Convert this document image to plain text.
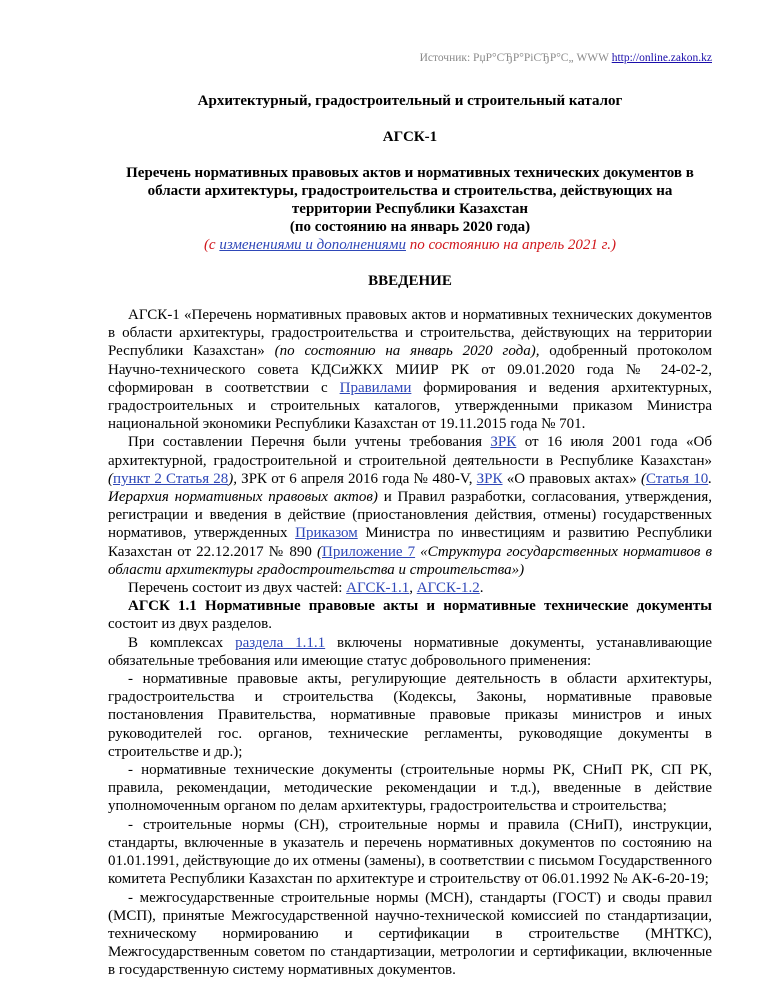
Источник: РџР°СЂР°РіСЂР°С„ WWW http://online.zakon.kz
Архитектурный, градостроительный и строительный каталог
АГСК-1
Перечень нормативных правовых актов и нормативных технических документов в области архитектуры, градостроительства и строительства, действующих на территории Республики Казахстан
(по состоянию на январь 2020 года)
(с изменениями и дополнениями по состоянию на апрель 2021 г.)
ВВЕДЕНИЕ

АГСК-1 «Перечень нормативных правовых актов и нормативных технических документов в области архитектуры, градостроительства и строительства, действующих на территории Республики Казахстан» (по состоянию на январь 2020 года), одобренный протоколом Научно-технического совета КДСиЖКХ МИИР РК от 09.01.2020 года № 24-02-2, сформирован в соответствии с Правилами формирования и ведения архитектурных, градостроительных и строительных каталогов, утвержденными приказом Министра национальной экономики Республики Казахстан от 19.11.2015 года № 701.

При составлении Перечня были учтены требования ЗРК от 16 июля 2001 года «Об архитектурной, градостроительной и строительной деятельности в Республике Казахстан» (пункт 2 Статья 28), ЗРК от 6 апреля 2016 года № 480-V, ЗРК «О правовых актах» (Статья 10. Иерархия нормативных правовых актов) и Правил разработки, согласования, утверждения, регистрации и введения в действие (приостановления действия, отмены) государственных нормативов, утвержденных Приказом Министра по инвестициям и развитию Республики Казахстан от 22.12.2017 № 890 (Приложение 7 «Структура государственных нормативов в области архитектуры градостроительства и строительства»)

Перечень состоит из двух частей: АГСК-1.1, АГСК-1.2.

АГСК 1.1 Нормативные правовые акты и нормативные технические документы состоит из двух разделов.

В комплексах раздела 1.1.1 включены нормативные документы, устанавливающие обязательные требования или имеющие статус добровольного применения:

- нормативные правовые акты, регулирующие деятельность в области архитектуры, градостроительства и строительства (Кодексы, Законы, нормативные правовые постановления Правительства, нормативные правовые приказы министров и иных руководителей гос. органов, технические регламенты, руководящие документы в строительстве и др.);

- нормативные технические документы (строительные нормы РК, СНиП РК, СП РК, правила, рекомендации, методические рекомендации и т.д.), введенные в действие уполномоченным органом по делам архитектуры, градостроительства и строительства;

- строительные нормы (СН), строительные нормы и правила (СНиП), инструкции, стандарты, включенные в указатель и перечень нормативных документов по состоянию на 01.01.1991, действующие до их отмены (замены), в соответствии с письмом Государственного комитета Республики Казахстан по архитектуре и строительству от 06.01.1992 № АК-6-20-19;

- межгосударственные строительные нормы (МСН), стандарты (ГОСТ) и своды правил (МСП), принятые Межгосударственной научно-технической комиссией по стандартизации, техническому нормированию и сертификации в строительстве (МНТКС), Межгосударственным советом по стандартизации, метрологии и сертификации, включенные в государственную систему нормативных документов.
